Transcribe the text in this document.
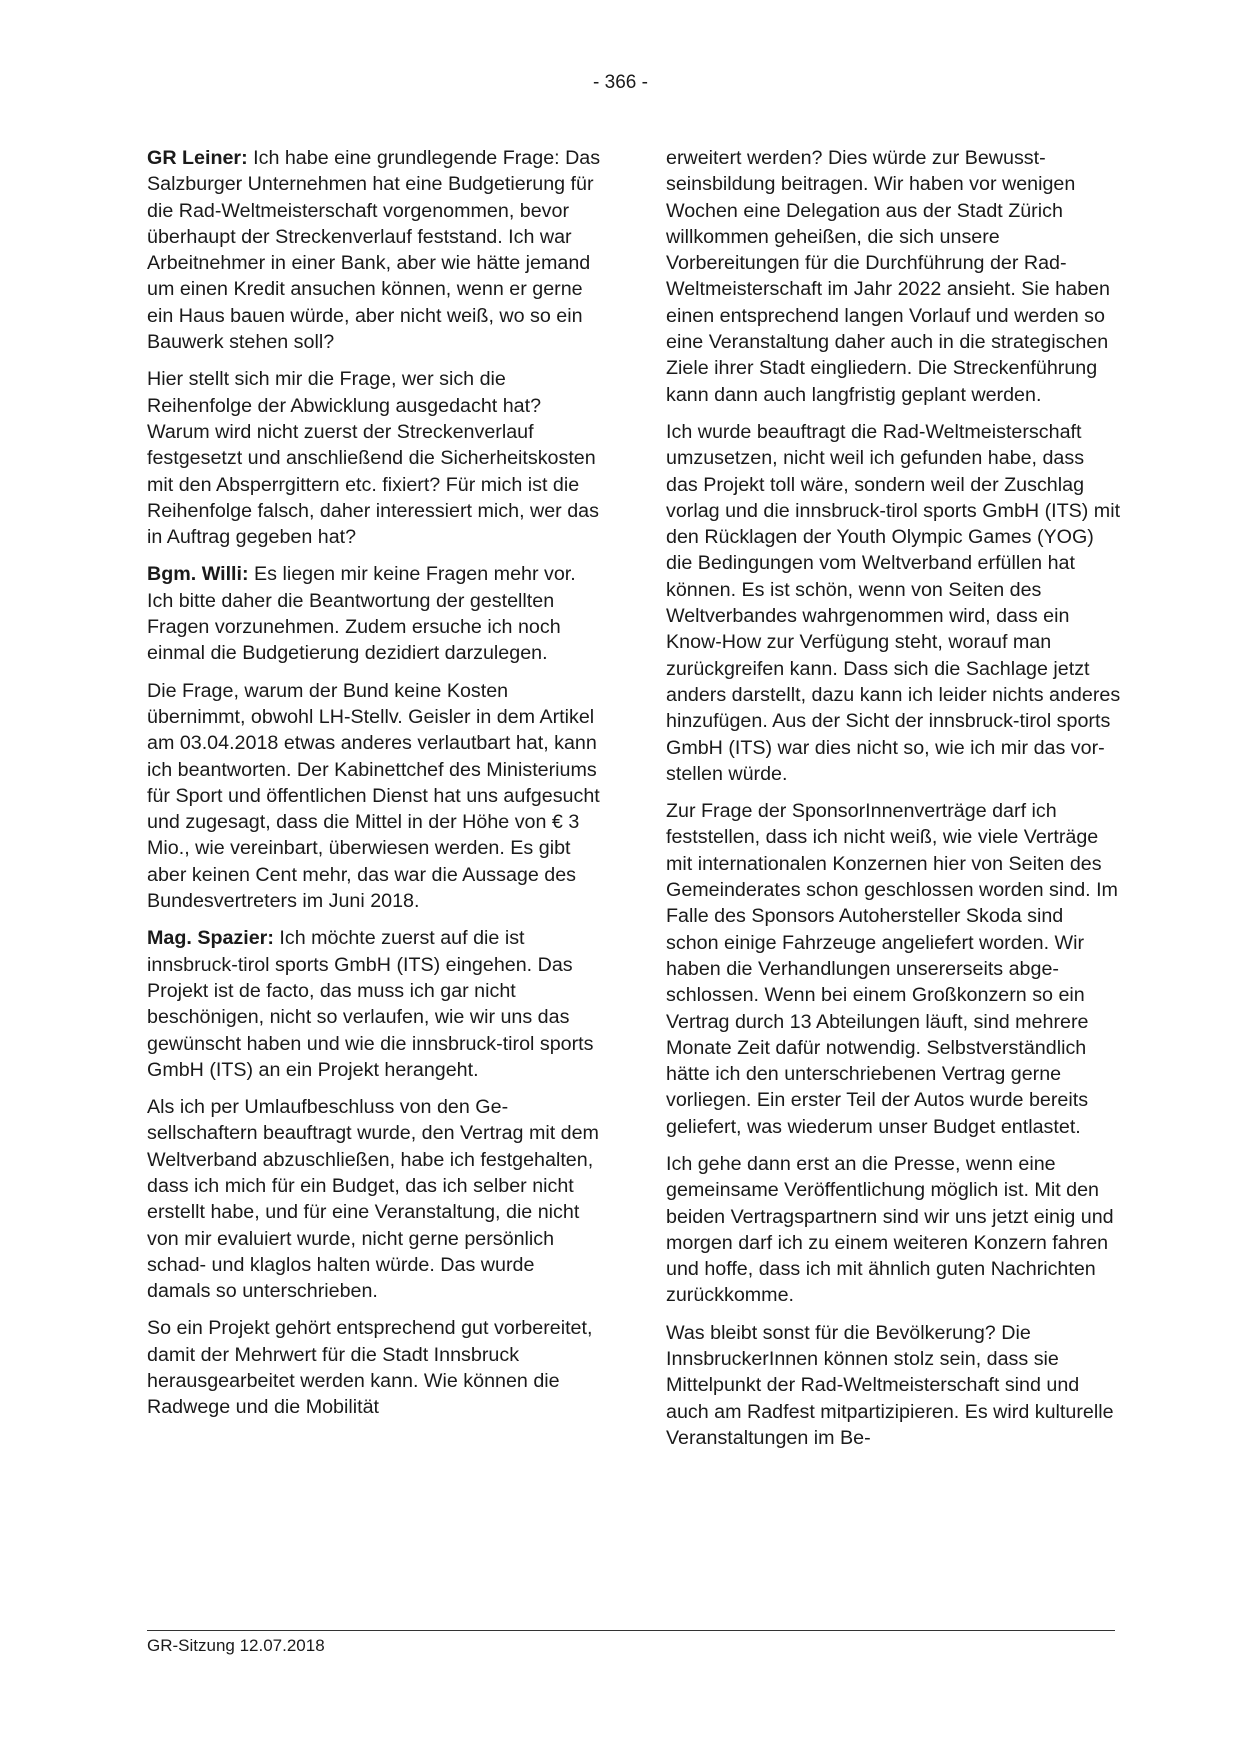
- 366 -

GR Leiner: Ich habe eine grundlegende Frage: Das Salzburger Unternehmen hat eine Budgetierung für die Rad-Weltmeisterschaft vorgenommen, bevor überhaupt der Streckenverlauf feststand. Ich war Arbeitnehmer in einer Bank, aber wie hätte jemand um einen Kredit ansuchen können, wenn er gerne ein Haus bauen würde, aber nicht weiß, wo so ein Bauwerk stehen soll?

Hier stellt sich mir die Frage, wer sich die Reihenfolge der Abwicklung ausgedacht hat? Warum wird nicht zuerst der Streckenverlauf festgesetzt und anschließend die Sicherheitskosten mit den Absperrgittern etc. fixiert? Für mich ist die Reihenfolge falsch, daher interessiert mich, wer das in Auftrag gegeben hat?

Bgm. Willi: Es liegen mir keine Fragen mehr vor. Ich bitte daher die Beantwortung der gestellten Fragen vorzunehmen. Zudem ersuche ich noch einmal die Budgetierung dezidiert darzulegen.

Die Frage, warum der Bund keine Kosten übernimmt, obwohl LH-Stellv. Geisler in dem Artikel am 03.04.2018 etwas anderes verlautbart hat, kann ich beantworten. Der Kabinettchef des Ministeriums für Sport und öffentlichen Dienst hat uns aufgesucht und zugesagt, dass die Mittel in der Höhe von € 3 Mio., wie vereinbart, überwiesen werden. Es gibt aber keinen Cent mehr, das war die Aussage des Bundesvertreters im Juni 2018.

Mag. Spazier: Ich möchte zuerst auf die ist innsbruck-tirol sports GmbH (ITS) eingehen. Das Projekt ist de facto, das muss ich gar nicht beschönigen, nicht so verlaufen, wie wir uns das gewünscht haben und wie die innsbruck-tirol sports GmbH (ITS) an ein Projekt herangeht.

Als ich per Umlaufbeschluss von den Gesellschaftern beauftragt wurde, den Vertrag mit dem Weltverband abzuschließen, habe ich festgehalten, dass ich mich für ein Budget, das ich selber nicht erstellt habe, und für eine Veranstaltung, die nicht von mir evaluiert wurde, nicht gerne persönlich schad- und klaglos halten würde. Das wurde damals so unterschrieben.

So ein Projekt gehört entsprechend gut vorbereitet, damit der Mehrwert für die Stadt Innsbruck herausgearbeitet werden kann. Wie können die Radwege und die Mobilität

erweitert werden? Dies würde zur Bewusstseinsbildung beitragen. Wir haben vor wenigen Wochen eine Delegation aus der Stadt Zürich willkommen geheißen, die sich unsere Vorbereitungen für die Durchführung der Rad-Weltmeisterschaft im Jahr 2022 ansieht. Sie haben einen entsprechend langen Vorlauf und werden so eine Veranstaltung daher auch in die strategischen Ziele ihrer Stadt eingliedern. Die Streckenführung kann dann auch langfristig geplant werden.

Ich wurde beauftragt die Rad-Weltmeisterschaft umzusetzen, nicht weil ich gefunden habe, dass das Projekt toll wäre, sondern weil der Zuschlag vorlag und die innsbruck-tirol sports GmbH (ITS) mit den Rücklagen der Youth Olympic Games (YOG) die Bedingungen vom Weltverband erfüllen hat können. Es ist schön, wenn von Seiten des Weltverbandes wahrgenommen wird, dass ein Know-How zur Verfügung steht, worauf man zurückgreifen kann. Dass sich die Sachlage jetzt anders darstellt, dazu kann ich leider nichts anderes hinzufügen. Aus der Sicht der innsbruck-tirol sports GmbH (ITS) war dies nicht so, wie ich mir das vorstellen würde.

Zur Frage der SponsorInnenverträge darf ich feststellen, dass ich nicht weiß, wie viele Verträge mit internationalen Konzernen hier von Seiten des Gemeinderates schon geschlossen worden sind. Im Falle des Sponsors Autohersteller Skoda sind schon einige Fahrzeuge angeliefert worden. Wir haben die Verhandlungen unsererseits abgeschlossen. Wenn bei einem Großkonzern so ein Vertrag durch 13 Abteilungen läuft, sind mehrere Monate Zeit dafür notwendig. Selbstverständlich hätte ich den unterschriebenen Vertrag gerne vorliegen. Ein erster Teil der Autos wurde bereits geliefert, was wiederum unser Budget entlastet.

Ich gehe dann erst an die Presse, wenn eine gemeinsame Veröffentlichung möglich ist. Mit den beiden Vertragspartnern sind wir uns jetzt einig und morgen darf ich zu einem weiteren Konzern fahren und hoffe, dass ich mit ähnlich guten Nachrichten zurückkomme.

Was bleibt sonst für die Bevölkerung? Die InnsbruckerInnen können stolz sein, dass sie Mittelpunkt der Rad-Weltmeisterschaft sind und auch am Radfest mitpartizipieren. Es wird kulturelle Veranstaltungen im Be-

GR-Sitzung 12.07.2018
